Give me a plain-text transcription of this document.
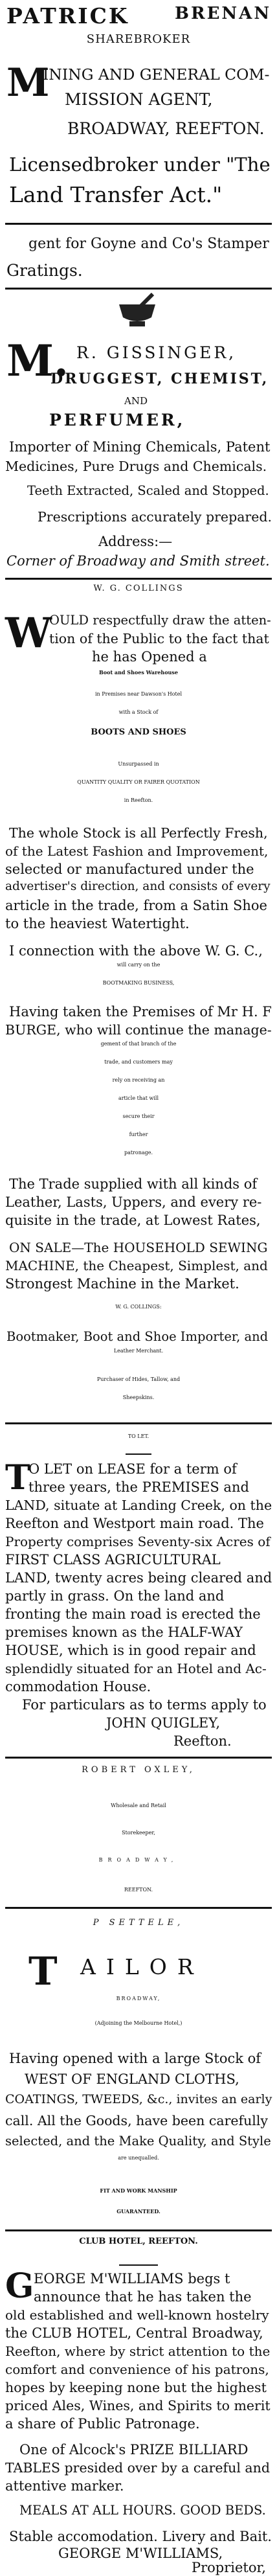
PATRICK	BRENAN
SHAREBROKER
M
INING AND GENERAL COM-
MISSION AGENT,
BROADWAY, REEFTON.
Licensedbroker under "The
Land Transfer Act."
gent for Goyne and Co's Stamper
Gratings.
M. R. GISSINGER,
DRUGGEST, CHEMIST,
AND
PERFUMER,
Importer of Mining Chemicals, Patent
Medicines, Pure Drugs and Chemicals.
Teeth Extracted, Scaled and Stopped.
Prescriptions accurately prepared.
Address:—
Corner of Broadway and Smith street.
W. G. COLLINGS
W
OULD respectfully draw the atten-
tion of the Public to the fact that
he has Opened a
Boot and Shoes Warehouse
in Premises near Dawson's Hotel
with a Stock of
BOOTS AND SHOES
Unsurpassed in
QUANTITY QUALITY OR FAIRER QUOTATION
in Reefton.
The whole Stock is all Perfectly Fresh,
of the Latest Fashion and Improvement,
selected or manufactured under the
advertiser's direction, and consists of every
article in the trade, from a Satin Shoe
to the heaviest Watertight.
I connection with the above W. G. C.,
will carry on the
BOOTMAKING BUSINESS,
Having taken the Premises of Mr H. F
BURGE, who will continue the manage-
gement of that branch of the
trade, and customers may
rely on receiving an
article that will
secure their
further
patronage.
The Trade supplied with all kinds of
Leather, Lasts, Uppers, and every re-
quisite in the trade, at Lowest Rates,
ON SALE—The HOUSEHOLD SEWING
MACHINE, the Cheapest, Simplest, and
Strongest Machine in the Market.
W. G. COLLINGS:
Bootmaker, Boot and Shoe Importer, and
Leather Merchant.
Purchaser of Hides, Tallow, and
Sheepskins.
TO LET.
T
O LET on LEASE for a term of
three years, the PREMISES and
LAND, situate at Landing Creek, on the
Reefton and Westport main road. The
Property comprises Seventy-six Acres of
FIRST CLASS AGRICULTURAL
LAND, twenty acres being cleared and
partly in grass. On the land and
fronting the main road is erected the
premises known as the HALF-WAY
HOUSE, which is in good repair and
splendidly situated for an Hotel and Ac-
commodation House.
For particulars as to terms apply to
JOHN QUIGLEY,
Reefton.
ROBERT OXLEY,
Wholesale and Retail
Storekeeper,
BROADWAY,
REEFTON.
P SETTELE,
T AILOR
BROADWAY,
(Adjoining the Melbourne Hotel,)
Having opened with a large Stock of
WEST OF ENGLAND CLOTHS,
COATINGS, TWEEDS, &c., invites an early
call. All the Goods, have been carefully
selected, and the Make Quality, and Style
are unequalled.
FIT AND WORK MANSHIP
GUARANTEED.
CLUB HOTEL, REEFTON.
G EORGE M'WILLIAMS begs t
announce that he has taken the
old established and well-known hostelry
the CLUB HOTEL, Central Broadway,
Reefton, where by strict attention to the
comfort and convenience of his patrons,
hopes by keeping none but the highest
priced Ales, Wines, and Spirits to merit
a share of Public Patronage.
One of Alcock's PRIZE BILLIARD
TABLES presided over by a careful and
attentive marker.
MEALS AT ALL HOURS. GOOD BEDS.
Stable accomodation. Livery and Bait.
GEORGE M'WILLIAMS,
Proprietor,
